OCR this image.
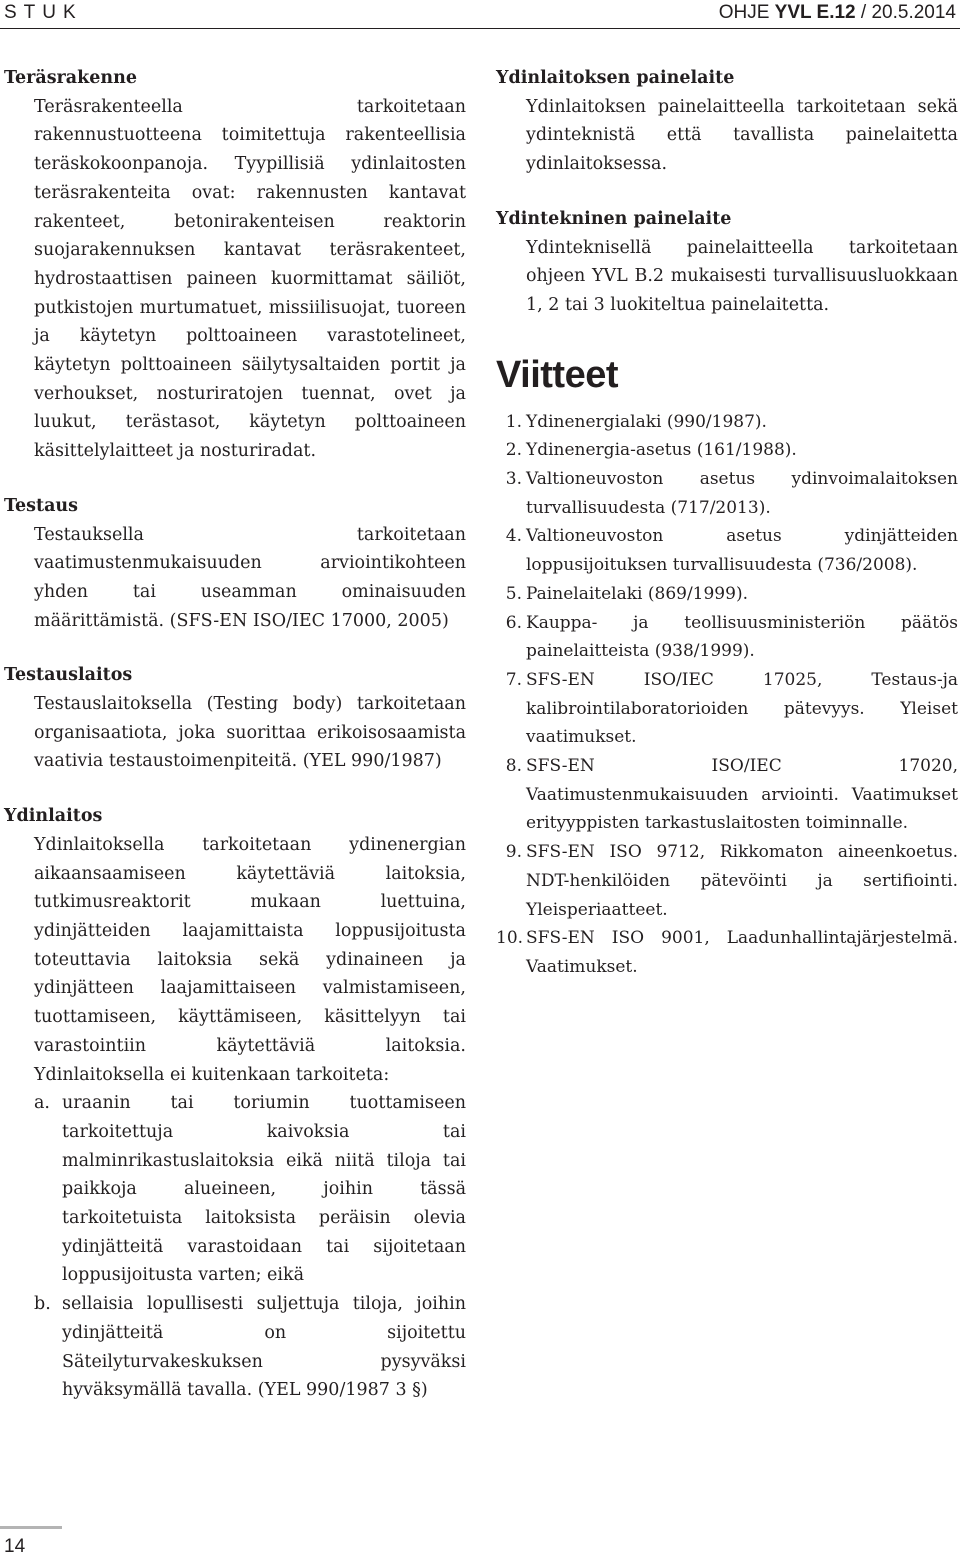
STUK	OHJE YVL E.12 / 20.5.2014
Teräsrakenne

Teräsrakenteella tarkoitetaan rakennustuotteena toimitettuja rakenteellisia teräskokoonpanoja. Tyypillisiä ydinlaitosten teräsrakenteita ovat: rakennusten kantavat rakenteet, betonirakenteisen reaktorin suojarakennuksen kantavat teräsrakenteet, hydrostaattisen paineen kuormittamat säiliöt, putkistojen murtumatuet, missiilisuojat, tuoreen ja käytetyn polttoaineen varastotelineet, käytetyn polttoaineen säilytysaltaiden portit ja verhoukset, nosturiratojen tuennat, ovet ja luukut, terästasot, käytetyn polttoaineen käsittelylaitteet ja nosturiradat.

Testaus

Testauksella tarkoitetaan vaatimustenmukaisuuden arviointikohteen yhden tai useamman ominaisuuden määrittämistä. (SFS-EN ISO/IEC 17000, 2005)

Testauslaitos

Testauslaitoksella (Testing body) tarkoitetaan organisaatiota, joka suorittaa erikoisosaamista vaativia testaustoimenpiteitä. (YEL 990/1987)

Ydinlaitos

Ydinlaitoksella tarkoitetaan ydinenergian aikaansaamiseen käytettäviä laitoksia, tutkimusreaktorit mukaan luettuina, ydinjätteiden laajamittaista loppusijoitusta toteuttavia laitoksia sekä ydinaineen ja ydinjätteen laajamittaiseen valmistamiseen, tuottamiseen, käyttämiseen, käsittelyyn tai varastointiin käytettäviä laitoksia. Ydinlaitoksella ei kuitenkaan tarkoiteta:

a. uraanin tai toriumin tuottamiseen tarkoitettuja kaivoksia tai malminrikastuslaitoksia eikä niitä tiloja tai paikkoja alueineen, joihin tässä tarkoitetuista laitoksista peräisin olevia ydinjätteitä varastoidaan tai sijoitetaan loppusijoitusta varten; eikä
b. sellaisia lopullisesti suljettuja tiloja, joihin ydinjätteitä on sijoitettu Säteilyturvakeskuksen pysyväksi hyväksymällä tavalla. (YEL 990/1987 3 §)
Ydinlaitoksen painelaite

Ydinlaitoksen painelaitteella tarkoitetaan sekä ydinteknistä että tavallista painelaitetta ydinlaitoksessa.

Ydintekninen painelaite

Ydinteknisellä painelaitteella tarkoitetaan ohjeen YVL B.2 mukaisesti turvallisuusluokkaan 1, 2 tai 3 luokiteltua painelaitetta.

Viitteet
1. Ydinenergialaki (990/1987).
2. Ydinenergia-asetus (161/1988).
3. Valtioneuvoston asetus ydinvoimalaitoksen turvallisuudesta (717/2013).
4. Valtioneuvoston asetus ydinjätteiden loppusijoituksen turvallisuudesta (736/2008).
5. Painelaitelaki (869/1999).
6. Kauppa- ja teollisuusministeriön päätös painelaitteista (938/1999).
7. SFS-EN ISO/IEC 17025, Testaus-ja kalibrointilaboratorioiden pätevyys. Yleiset vaatimukset.
8. SFS-EN ISO/IEC 17020, Vaatimustenmukaisuuden arviointi. Vaatimukset erityyppisten tarkastuslaitosten toiminnalle.
9. SFS-EN ISO 9712, Rikkomaton aineenkoetus. NDT-henkilöiden pätevöinti ja sertifiointi. Yleisperiaatteet.
10. SFS-EN ISO 9001, Laadunhallintajärjestelmä. Vaatimukset.
14
